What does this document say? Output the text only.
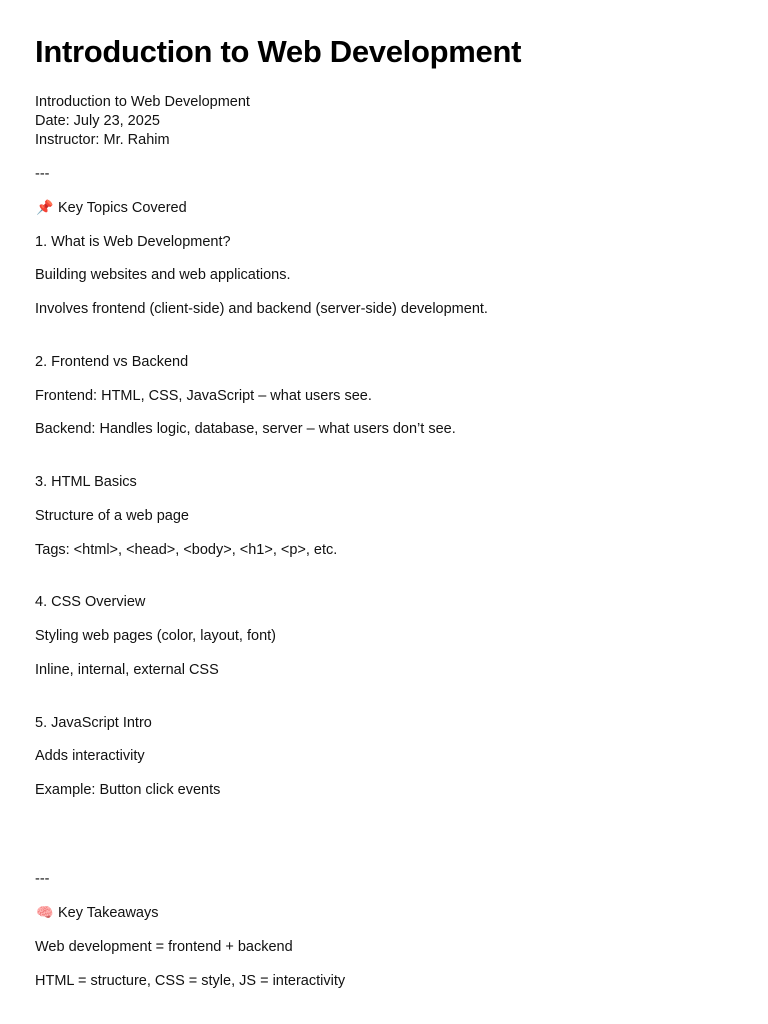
Introduction to Web Development
Introduction to Web Development
Date: July 23, 2025
Instructor: Mr. Rahim
---
📌 Key Topics Covered
1. What is Web Development?
Building websites and web applications.
Involves frontend (client-side) and backend (server-side) development.
2. Frontend vs Backend
Frontend: HTML, CSS, JavaScript – what users see.
Backend: Handles logic, database, server – what users don’t see.
3. HTML Basics
Structure of a web page
Tags: <html>, <head>, <body>, <h1>, <p>, etc.
4. CSS Overview
Styling web pages (color, layout, font)
Inline, internal, external CSS
5. JavaScript Intro
Adds interactivity
Example: Button click events
---
🧠 Key Takeaways
Web development = frontend + backend
HTML = structure, CSS = style, JS = interactivity
